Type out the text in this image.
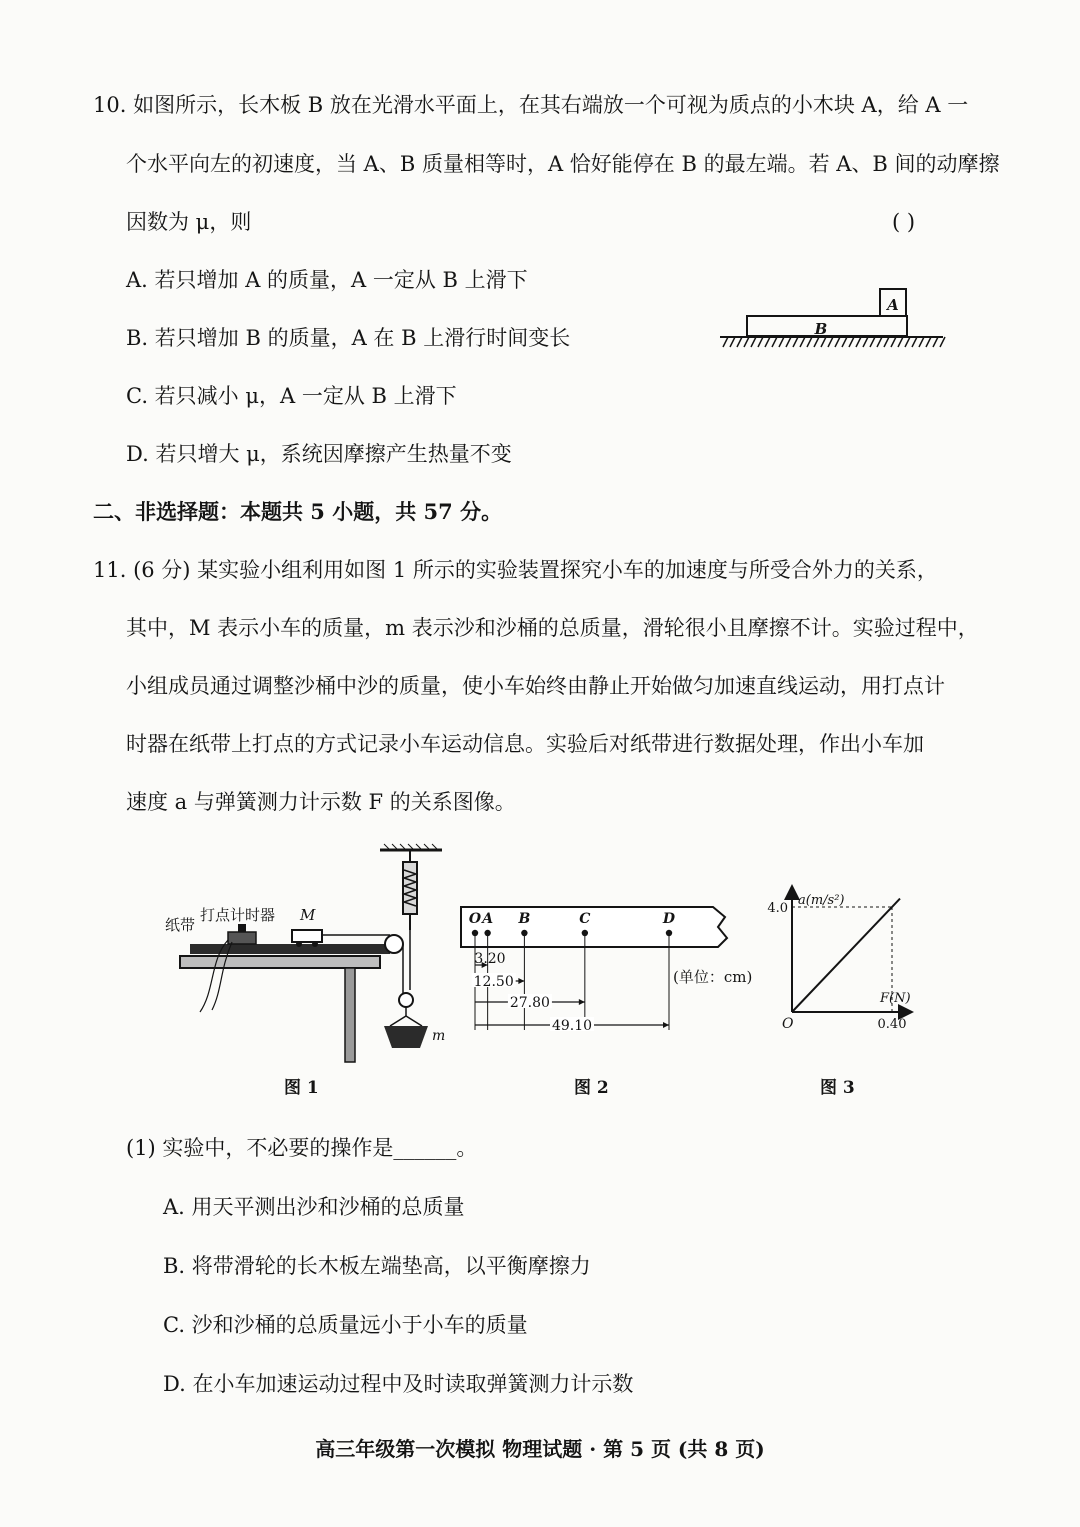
10. 如图所示，长木板 B 放在光滑水平面上，在其右端放一个可视为质点的小木块 A，给 A 一
个水平向左的初速度，当 A、B 质量相等时，A 恰好能停在 B 的最左端。若 A、B 间的动摩擦
因数为 μ，则	( )
A. 若只增加 A 的质量，A 一定从 B 上滑下
B. 若只增加 B 的质量，A 在 B 上滑行时间变长
C. 若只减小 μ，A 一定从 B 上滑下
D. 若只增大 μ，系统因摩擦产生热量不变
A
B
二、非选择题：本题共 5 小题，共 57 分。
11. (6 分) 某实验小组利用如图 1 所示的实验装置探究小车的加速度与所受合外力的关系，
其中，M 表示小车的质量，m 表示沙和沙桶的总质量，滑轮很小且摩擦不计。实验过程中，
小组成员通过调整沙桶中沙的质量，使小车始终由静止开始做匀加速直线运动，用打点计
时器在纸带上打点的方式记录小车运动信息。实验后对纸带进行数据处理，作出小车加
速度 a 与弹簧测力计示数 F 的关系图像。
纸带
打点计时器 M
m
图 1
O A B	C	D
3.20
12.50
27.80
49.10
(单位：cm)
图 2
a(m/s²)
F(N)
O
4.0
0.40
图 3
(1) 实验中，不必要的操作是______。
A. 用天平测出沙和沙桶的总质量
B. 将带滑轮的长木板左端垫高，以平衡摩擦力
C. 沙和沙桶的总质量远小于小车的质量
D. 在小车加速运动过程中及时读取弹簧测力计示数
高三年级第一次模拟 物理试题 · 第 5 页 (共 8 页)
